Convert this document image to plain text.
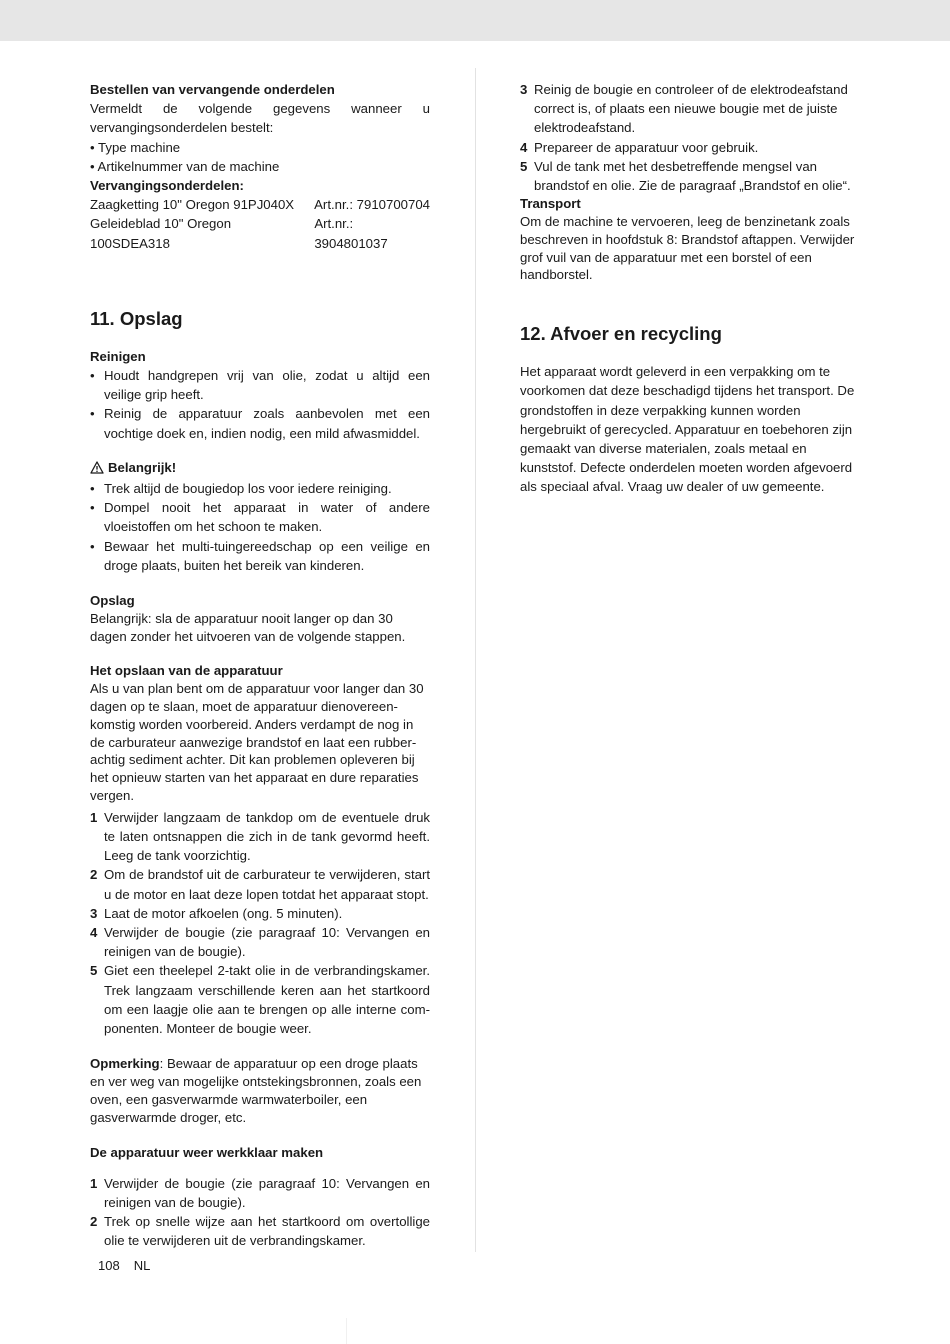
Bestellen van vervangende onderdelen

Vermeldt de volgende gegevens wanneer u vervangingsonderdelen bestelt:

• Type machine
• Artikelnummer van de machine

Vervangingsonderdelen:

Zaagketting 10" Oregon 91PJ040X Art.nr.: 7910700704
Geleideblad 10" Oregon 100SDEA318
Art.nr.: 3904801037
11. Opslag

Reinigen

• Houdt handgrepen vrij van olie, zodat u altijd een veilige grip heeft.
• Reinig de apparatuur zoals aanbevolen met een vochtige doek en, indien nodig, een mild afwasmiddel.
Belangrijk!
• Trek altijd de bougiedop los voor iedere reiniging.
• Dompel nooit het apparaat in water of andere vloeistoffen om het schoon te maken.
• Bewaar het multi-tuingereedschap op een veilige en droge plaats, buiten het bereik van kinderen.

Opslag

Belangrijk: sla de apparatuur nooit langer op dan 30 dagen zonder het uitvoeren van de volgende stappen.

Het opslaan van de apparatuur

Als u van plan bent om de apparatuur voor langer dan 30 dagen op te slaan, moet de apparatuur dienovereen-komstig worden voorbereid. Anders verdampt de nog in de carburateur aanwezige brandstof en laat een rubber-achtig sediment achter. Dit kan problemen opleveren bij het opnieuw starten van het apparaat en dure reparaties vergen.

1 Verwijder langzaam de tankdop om de eventuele druk te laten ontsnappen die zich in de tank gevormd heeft. Leeg de tank voorzichtig.
2 Om de brandstof uit de carburateur te verwijderen, start u de motor en laat deze lopen totdat het apparaat stopt.
3 Laat de motor afkoelen (ong. 5 minuten).
4 Verwijder de bougie (zie paragraaf 10: Vervangen en reinigen van de bougie).
5 Giet een theelepel 2-takt olie in de verbrandingskamer. Trek langzaam verschillende keren aan het startkoord om een laagje olie aan te brengen op alle interne com-ponenten. Monteer de bougie weer.

Opmerking: Bewaar de apparatuur op een droge plaats en ver weg van mogelijke ontstekingsbronnen, zoals een oven, een gasverwarmde warmwaterboiler, een gasverwarmde droger, etc.

De apparatuur weer werkklaar maken

1 Verwijder de bougie (zie paragraaf 10: Vervangen en reinigen van de bougie).
2 Trek op snelle wijze aan het startkoord om overtollige olie te verwijderen uit de verbrandingskamer.
3 Reinig de bougie en controleer of de elektrodeafstand correct is, of plaats een nieuwe bougie met de juiste elektrodeafstand.
4 Prepareer de apparatuur voor gebruik.
5 Vul de tank met het desbetreffende mengsel van brandstof en olie. Zie de paragraaf „Brandstof en olie“.

Transport

Om de machine te vervoeren, leeg de benzinetank zoals beschreven in hoofdstuk 8: Brandstof aftappen. Verwijder grof vuil van de apparatuur met een borstel of een handborstel.

12. Afvoer en recycling

Het apparaat wordt geleverd in een verpakking om te voorkomen dat deze beschadigd tijdens het transport. De grondstoffen in deze verpakking kunnen worden hergebruikt of gerecycled. Apparatuur en toebehoren zijn gemaakt van diverse materialen, zoals metaal en kunststof. Defecte onderdelen moeten worden afgevoerd als speciaal afval. Vraag uw dealer of uw gemeente.

108 NL
